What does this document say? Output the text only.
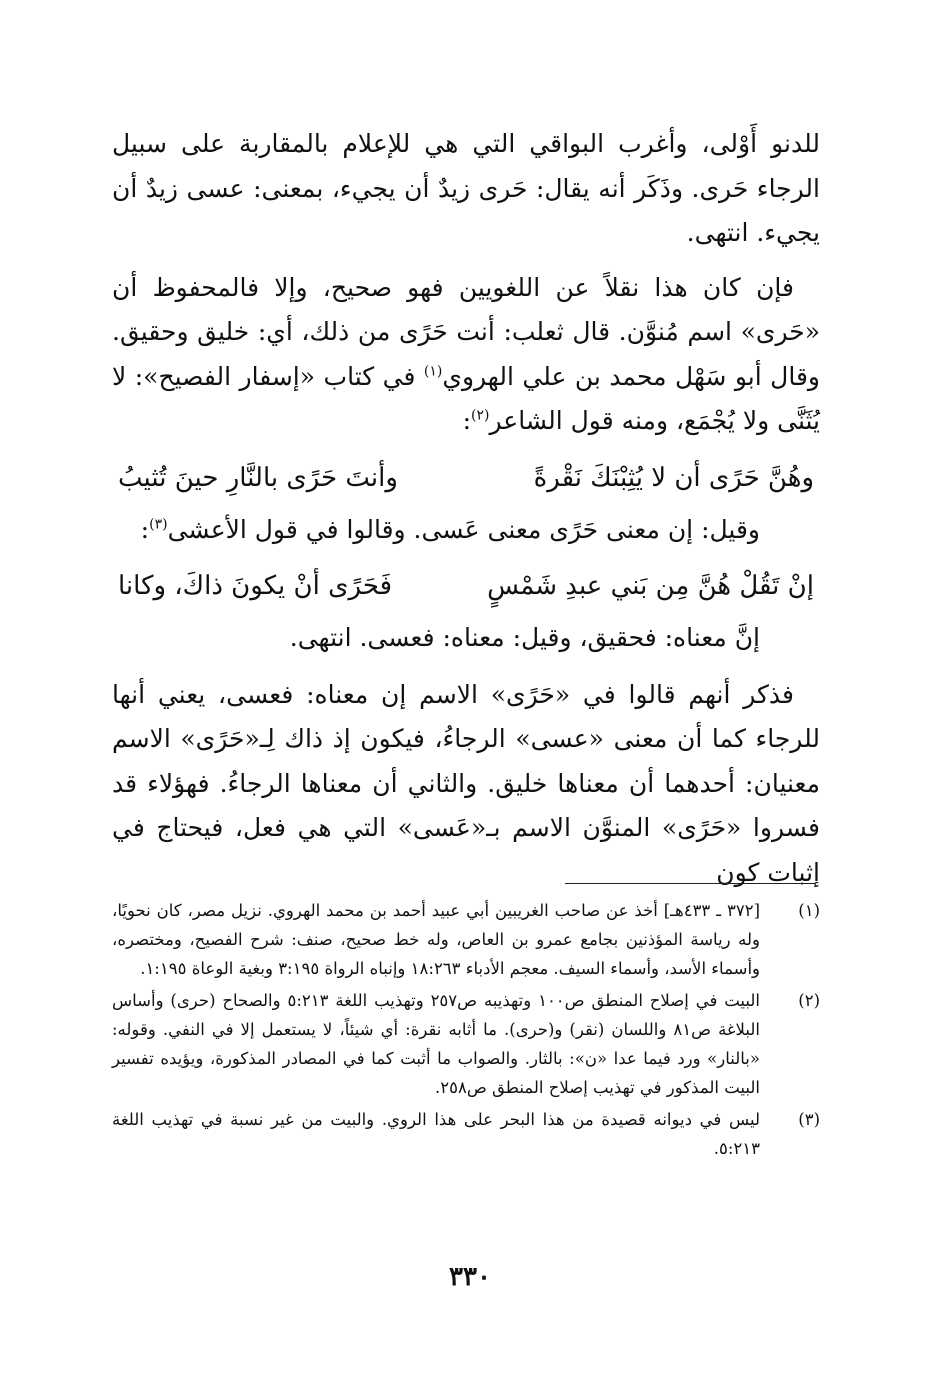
للدنو أَوْلى، وأغرب البواقي التي هي للإعلام بالمقاربة على سبيل الرجاء حَرى. وذَكَر أنه يقال: حَرى زيدٌ أن يجيء، بمعنى: عسى زيدٌ أن يجيء. انتهى.

فإن كان هذا نقلاً عن اللغويين فهو صحيح، وإلا فالمحفوظ أن «حَرى» اسم مُنوَّن. قال ثعلب: أنت حَرًى من ذلك، أي: خليق وحقيق. وقال أبو سَهْل محمد بن علي الهروي$^{(١)}$ في كتاب «إسفار الفصيح»: لا يُثَنَّى ولا يُجْمَع، ومنه قول الشاعر$^{(٢)}$:

وهُنَّ حَرًى أن لا يُثِبْنَكَ نَقْرةً
وأنتَ حَرًى بالنَّارِ حينَ تُثيبُ

وقيل: إن معنى حَرًى معنى عَسى. وقالوا في قول الأعشى$^{(٣)}$:

إنْ تَقُلْ هُنَّ مِن بَني عبدِ شَمْسٍ
فَحَرًى أنْ يكونَ ذاكَ، وكانا

إنَّ معناه: فحقيق، وقيل: معناه: فعسى. انتهى.

فذكر أنهم قالوا في «حَرًى» الاسم إن معناه: فعسى، يعني أنها للرجاء كما أن معنى «عسى» الرجاءُ، فيكون إذ ذاك لِـ«حَرًى» الاسم معنيان: أحدهما أن معناها خليق. والثاني أن معناها الرجاءُ. فهؤلاء قد فسروا «حَرًى» المنوَّن الاسم بـ«عَسى» التي هي فعل، فيحتاج في إثبات كون

(١)
[٣٧٢ ـ ٤٣٣هـ] أخذ عن صاحب الغريبين أبي عبيد أحمد بن محمد الهروي. نزيل مصر، كان نحويًا، وله رياسة المؤذنين بجامع عمرو بن العاص، وله خط صحيح، صنف: شرح الفصيح، ومختصره، وأسماء الأسد، وأسماء السيف. معجم الأدباء ١٨:٢٦٣ وإنباه الرواة ٣:١٩٥ وبغية الوعاة ١:١٩٥.
(٢)
البيت في إصلاح المنطق ص١٠٠ وتهذيبه ص٢٥٧ وتهذيب اللغة ٥:٢١٣ والصحاح (حرى) وأساس البلاغة ص٨١ واللسان (نقر) و(حرى). ما أثابه نقرة: أي شيئاً، لا يستعمل إلا في النفي. وقوله: «بالنار» ورد فيما عدا «ن»: بالثار. والصواب ما أثبت كما في المصادر المذكورة، ويؤيده تفسير البيت المذكور في تهذيب إصلاح المنطق ص٢٥٨.
(٣)
ليس في ديوانه قصيدة من هذا البحر على هذا الروي. والبيت من غير نسبة في تهذيب اللغة ٥:٢١٣.
٣٣٠
